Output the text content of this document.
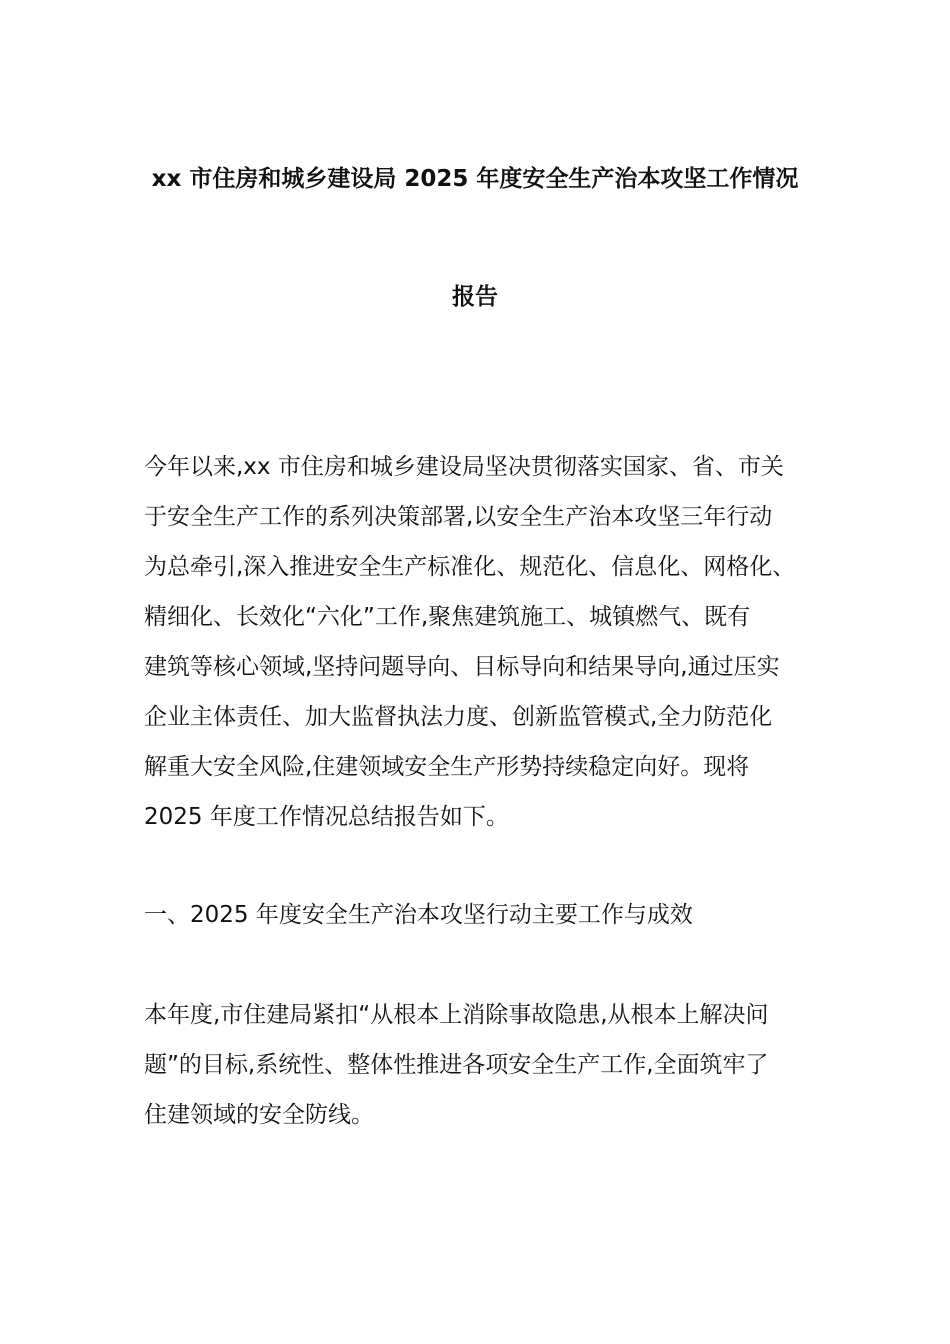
xx 市住房和城乡建设局 2025 年度安全生产治本攻坚工作情况
报告
今年以来,xx 市住房和城乡建设局坚决贯彻落实国家、省、市关
于安全生产工作的系列决策部署,以安全生产治本攻坚三年行动
为总牵引,深入推进安全生产标准化、规范化、信息化、网格化、
精细化、长效化“六化”工作,聚焦建筑施工、城镇燃气、既有
建筑等核心领域,坚持问题导向、目标导向和结果导向,通过压实
企业主体责任、加大监督执法力度、创新监管模式,全力防范化
解重大安全风险,住建领域安全生产形势持续稳定向好。现将
2025 年度工作情况总结报告如下。
一、2025 年度安全生产治本攻坚行动主要工作与成效
本年度,市住建局紧扣“从根本上消除事故隐患,从根本上解决问
题”的目标,系统性、整体性推进各项安全生产工作,全面筑牢了
住建领域的安全防线。
